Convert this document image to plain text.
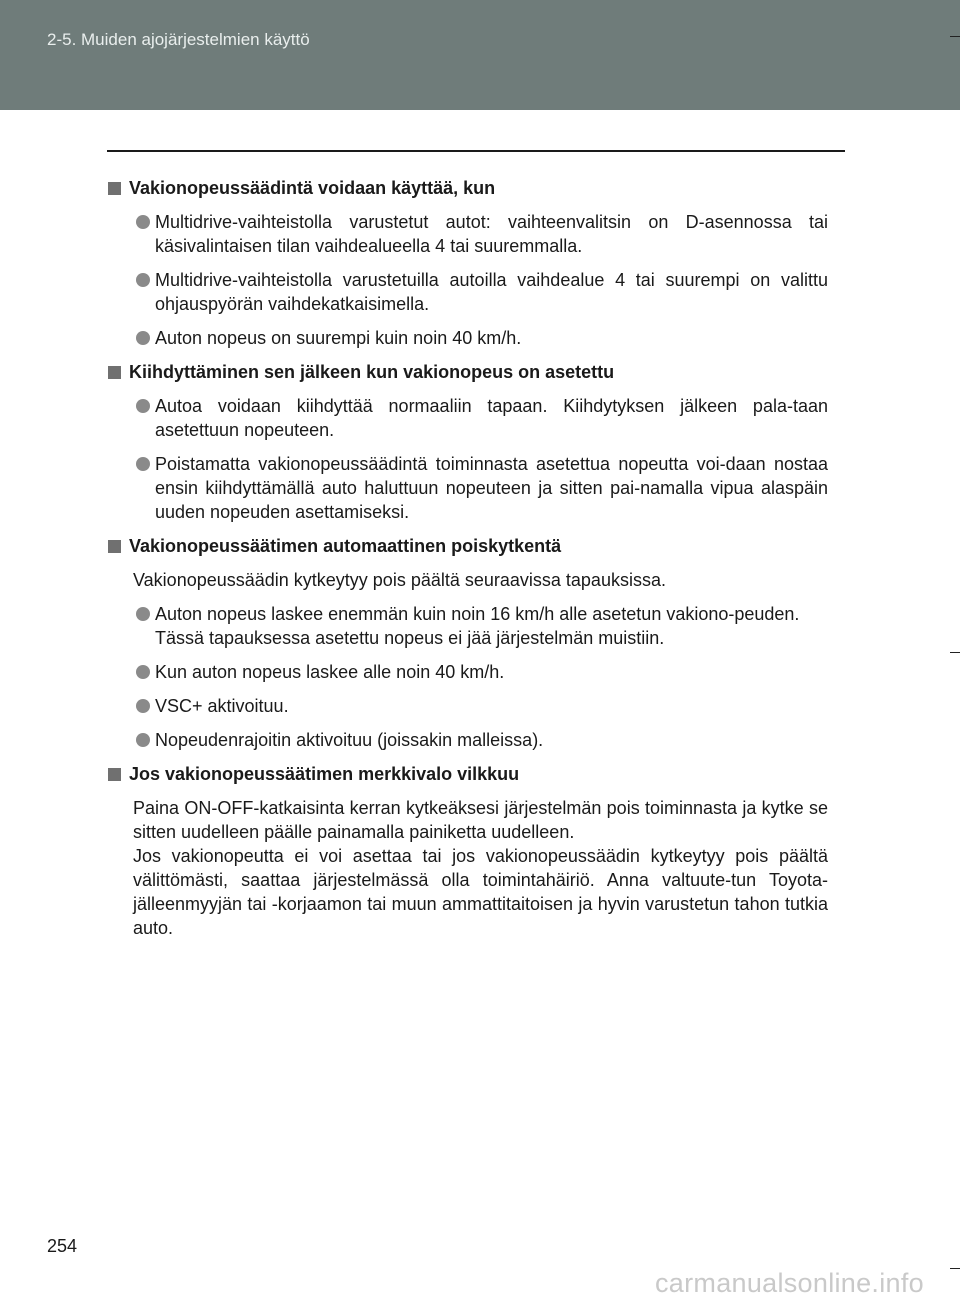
2-5. Muiden ajojärjestelmien käyttö
Vakionopeussäädintä voidaan käyttää, kun
Multidrive-vaihteistolla varustetut autot: vaihteenvalitsin on D-asennossa tai käsivalintaisen tilan vaihdealueella 4 tai suuremmalla.
Multidrive-vaihteistolla varustetuilla autoilla vaihdealue 4 tai suurempi on valittu ohjauspyörän vaihdekatkaisimella.
Auton nopeus on suurempi kuin noin 40 km/h.
Kiihdyttäminen sen jälkeen kun vakionopeus on asetettu
Autoa voidaan kiihdyttää normaaliin tapaan. Kiihdytyksen jälkeen pala-taan asetettuun nopeuteen.
Poistamatta vakionopeussäädintä toiminnasta asetettua nopeutta voi-daan nostaa ensin kiihdyttämällä auto haluttuun nopeuteen ja sitten pai-namalla vipua alaspäin uuden nopeuden asettamiseksi.
Vakionopeussäätimen automaattinen poiskytkentä
Vakionopeussäädin kytkeytyy pois päältä seuraavissa tapauksissa.
Auton nopeus laskee enemmän kuin noin 16 km/h alle asetetun vakiono-peuden.
Tässä tapauksessa asetettu nopeus ei jää järjestelmän muistiin.
Kun auton nopeus laskee alle noin 40 km/h.
VSC+ aktivoituu.
Nopeudenrajoitin aktivoituu (joissakin malleissa).
Jos vakionopeussäätimen merkkivalo vilkkuu
Paina ON-OFF-katkaisinta kerran kytkeäksesi järjestelmän pois toiminnasta ja kytke se sitten uudelleen päälle painamalla painiketta uudelleen.
Jos vakionopeutta ei voi asettaa tai jos vakionopeussäädin kytkeytyy pois päältä välittömästi, saattaa järjestelmässä olla toimintahäiriö. Anna valtuute-tun Toyota-jälleenmyyjän tai -korjaamon tai muun ammattitaitoisen ja hyvin varustetun tahon tutkia auto.
254
carmanualsonline.info
